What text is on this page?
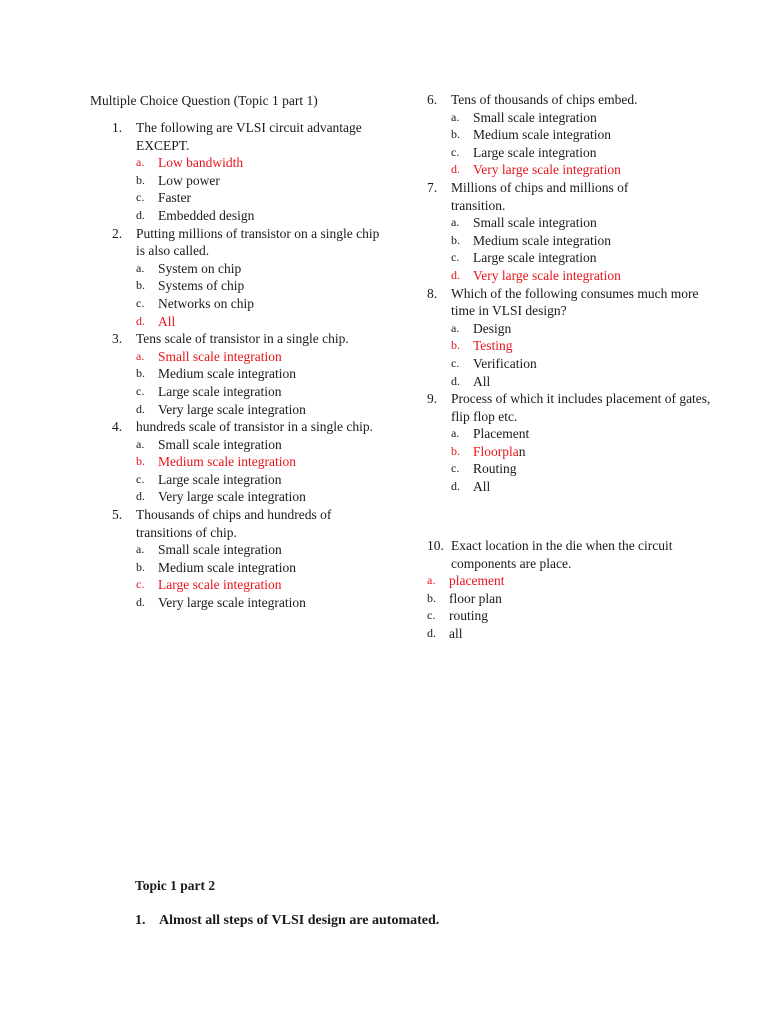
Multiple Choice Question (Topic 1 part 1)
1. The following are VLSI circuit advantage EXCEPT.
a. Low bandwidth
b. Low power
c. Faster
d. Embedded design
2. Putting millions of transistor on a single chip is also called.
a. System on chip
b. Systems of chip
c. Networks on chip
d. All
3. Tens scale of transistor in a single chip.
a. Small scale integration
b. Medium scale integration
c. Large scale integration
d. Very large scale integration
4. hundreds scale of transistor in a single chip.
a. Small scale integration
b. Medium scale integration
c. Large scale integration
d. Very large scale integration
5. Thousands of chips and hundreds of transitions of chip.
a. Small scale integration
b. Medium scale integration
c. Large scale integration
d. Very large scale integration
6. Tens of thousands of chips embed.
a. Small scale integration
b. Medium scale integration
c. Large scale integration
d. Very large scale integration
7. Millions of chips and millions of transition.
a. Small scale integration
b. Medium scale integration
c. Large scale integration
d. Very large scale integration
8. Which of the following consumes much more time in VLSI design?
a. Design
b. Testing
c. Verification
d. All
9. Process of which it includes placement of gates, flip flop etc.
a. Placement
b. Floorplan
c. Routing
d. All
10. Exact location in the die when the circuit components are place.
a. placement
b. floor plan
c. routing
d. all
Topic 1 part 2
1. Almost all steps of VLSI design are automated.
